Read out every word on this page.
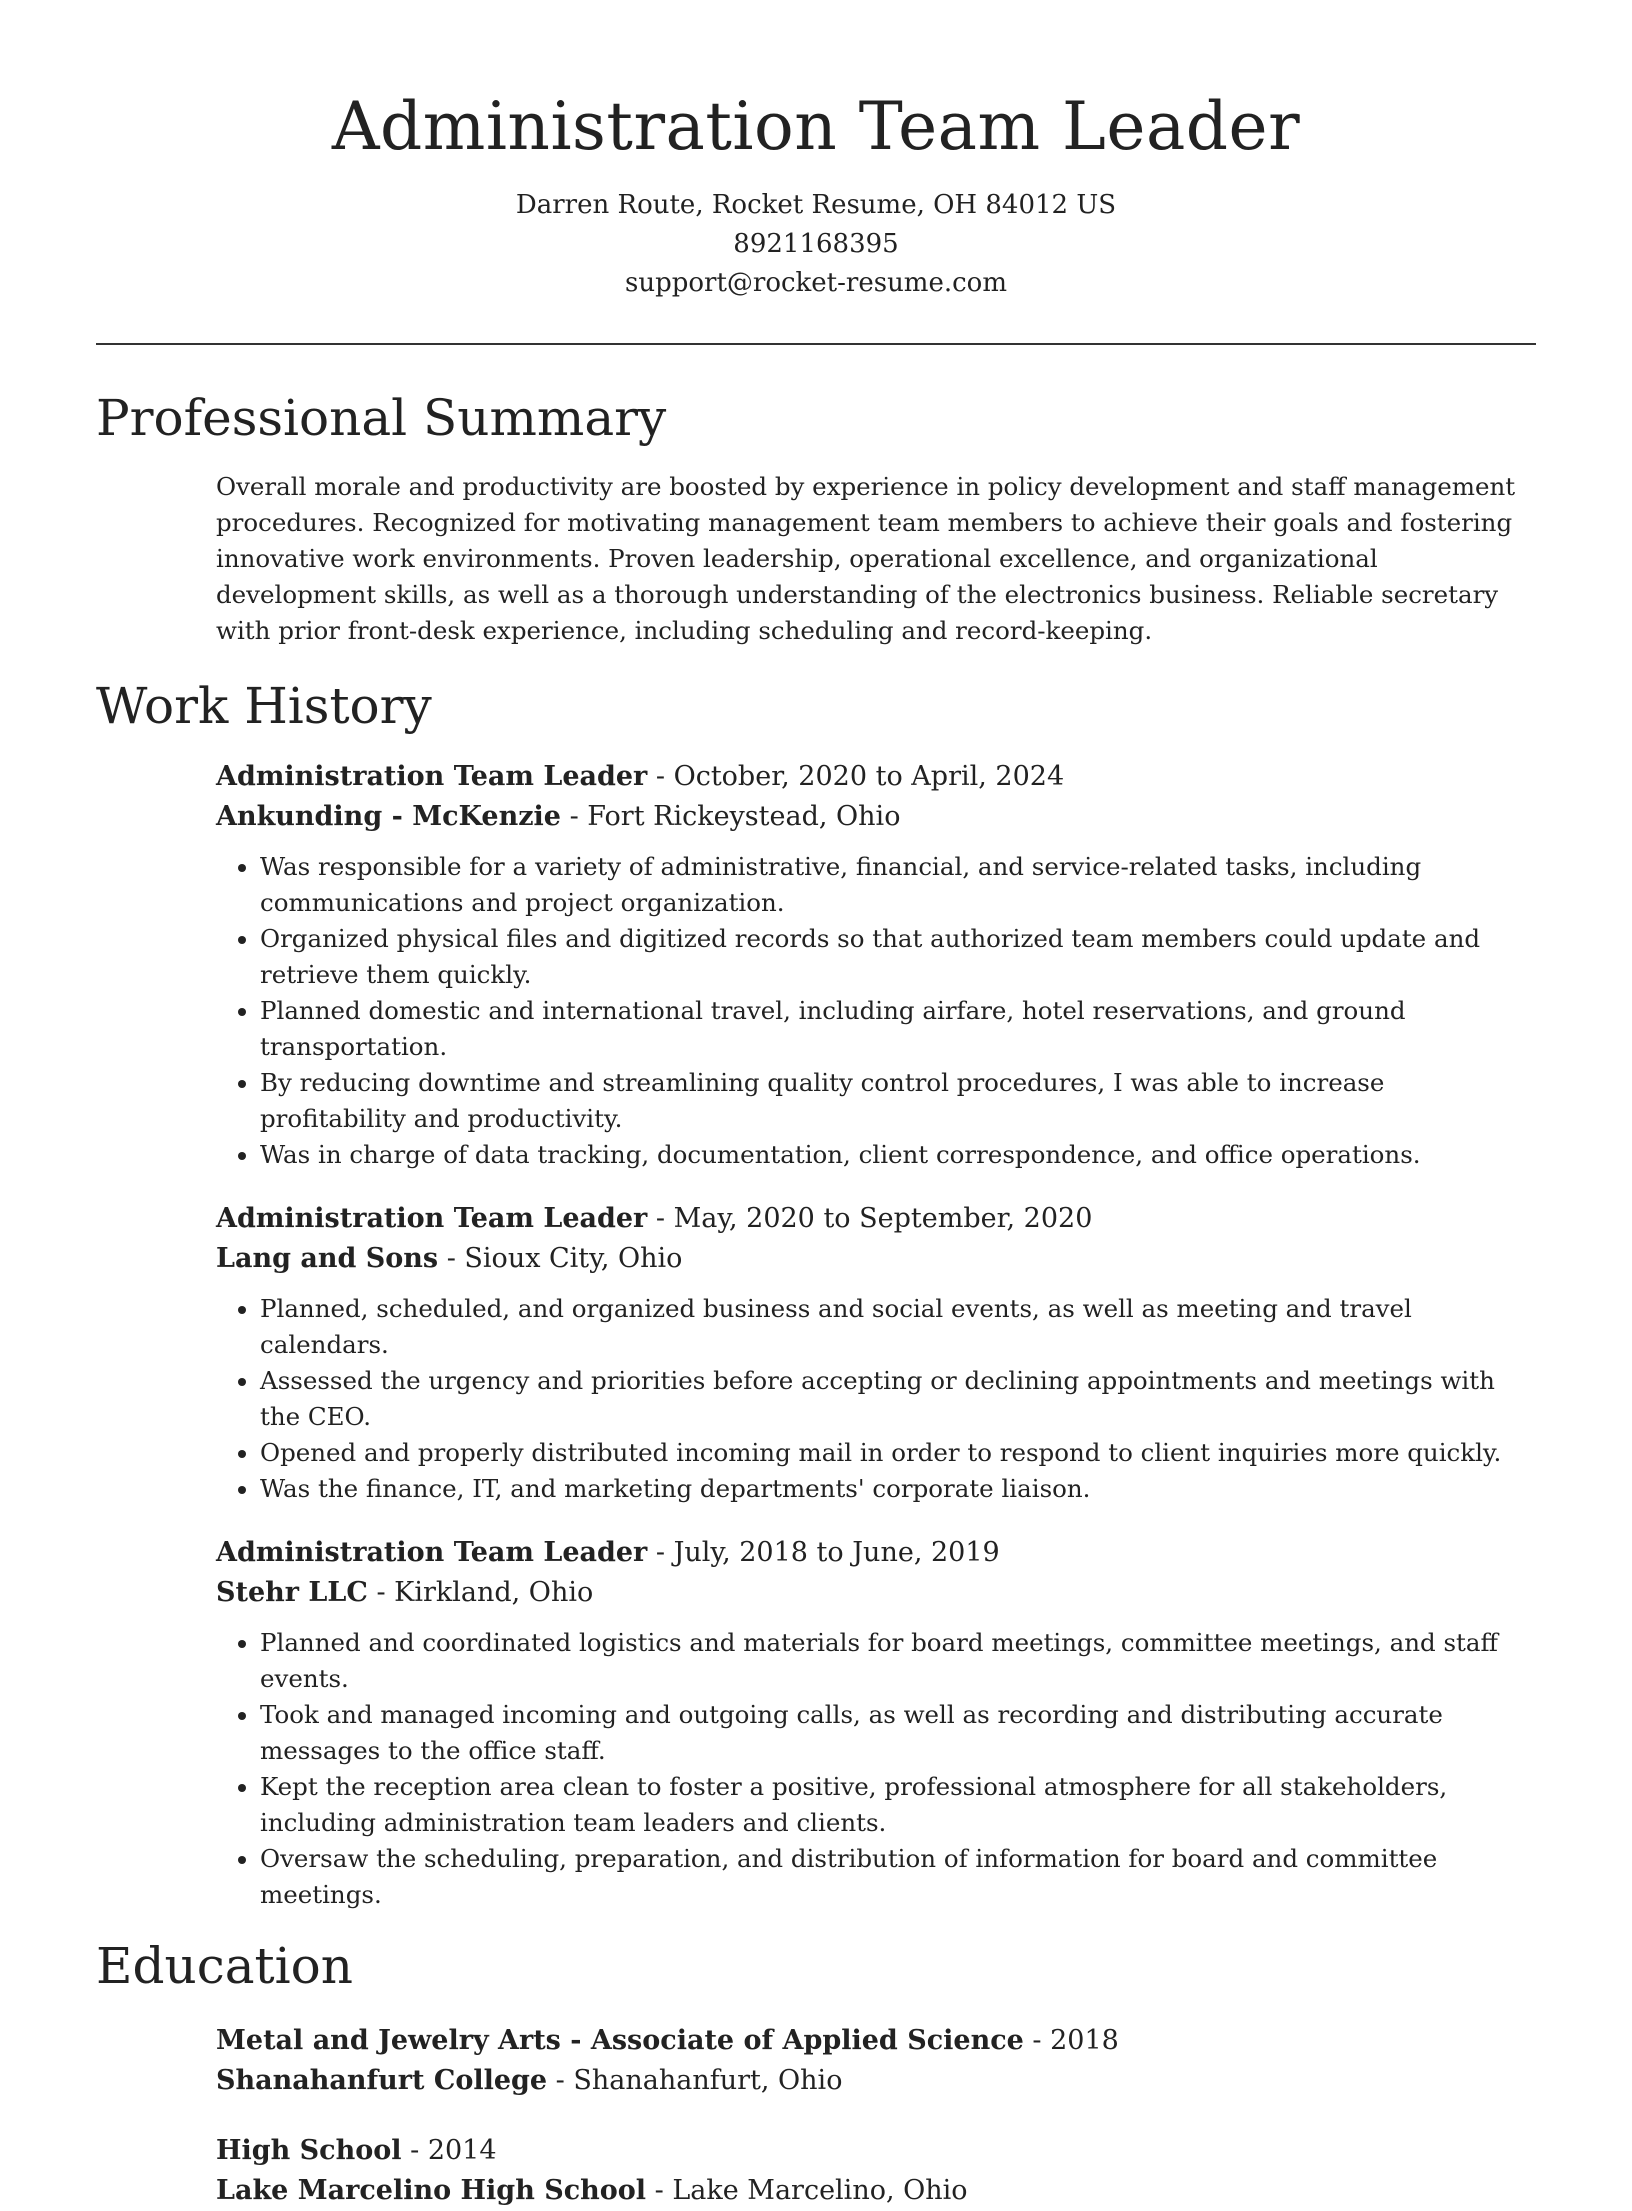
Administration Team Leader
Darren Route, Rocket Resume, OH 84012 US
8921168395
support@rocket-resume.com
Professional Summary

Overall morale and productivity are boosted by experience in policy development and staff management procedures. Recognized for motivating management team members to achieve their goals and fostering innovative work environments. Proven leadership, operational excellence, and organizational development skills, as well as a thorough understanding of the electronics business. Reliable secretary with prior front-desk experience, including scheduling and record-keeping.

Work History
Administration Team Leader - October, 2020 to April, 2024
Ankunding - McKenzie - Fort Rickeystead, Ohio
• Was responsible for a variety of administrative, financial, and service-related tasks, including communications and project organization.
• Organized physical files and digitized records so that authorized team members could update and retrieve them quickly.
• Planned domestic and international travel, including airfare, hotel reservations, and ground transportation.
• By reducing downtime and streamlining quality control procedures, I was able to increase profitability and productivity.
• Was in charge of data tracking, documentation, client correspondence, and office operations.
Administration Team Leader - May, 2020 to September, 2020
Lang and Sons - Sioux City, Ohio
• Planned, scheduled, and organized business and social events, as well as meeting and travel calendars.
• Assessed the urgency and priorities before accepting or declining appointments and meetings with the CEO.
• Opened and properly distributed incoming mail in order to respond to client inquiries more quickly.
• Was the finance, IT, and marketing departments' corporate liaison.
Administration Team Leader - July, 2018 to June, 2019
Stehr LLC - Kirkland, Ohio
• Planned and coordinated logistics and materials for board meetings, committee meetings, and staff events.
• Took and managed incoming and outgoing calls, as well as recording and distributing accurate messages to the office staff.
• Kept the reception area clean to foster a positive, professional atmosphere for all stakeholders, including administration team leaders and clients.
• Oversaw the scheduling, preparation, and distribution of information for board and committee meetings.
Education
Metal and Jewelry Arts - Associate of Applied Science - 2018
Shanahanfurt College - Shanahanfurt, Ohio
High School - 2014
Lake Marcelino High School - Lake Marcelino, Ohio
